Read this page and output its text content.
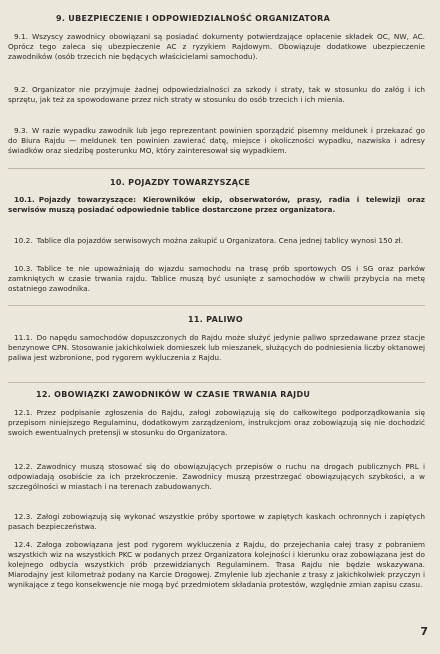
9. UBEZPIECZENIE I ODPOWIEDZIALNOŚĆ ORGANIZATORA
9.1. Wszyscy zawodnicy obowiązani są posiadać dokumenty potwierdzające opłacenie składek OC, NW, AC. Oprócz tego zaleca się ubezpieczenie AC z ryzykiem Rajdowym. Obowiązuje dodatkowe ubezpieczenie zawodników (osób trzecich nie będących właścicielami samochodu).
9.2. Organizator nie przyjmuje żadnej odpowiedzialności za szkody i straty, tak w stosunku do załóg i ich sprzętu, jak też za spowodowane przez nich straty w stosunku do osób trzecich i ich mienia.
9.3. W razie wypadku zawodnik lub jego reprezentant powinien sporządzić pisemny meldunek i przekazać go do Biura Rajdu — meldunek ten powinien zawierać datę, miejsce i okoliczności wypadku, nazwiska i adresy świadków oraz siedzibę posterunku MO, który zainteresował się wypadkiem.
10. POJAZDY TOWARZYSZĄCE
10.1. Pojazdy towarzyszące: Kierowników ekip, obserwatorów, prasy, radia i telewizji oraz serwisów muszą posiadać odpowiednie tablice dostarczone przez organizatora.
10.2. Tablice dla pojazdów serwisowych można zakupić u Organizatora. Cena jednej tablicy wynosi 150 zł.
10.3. Tablice te nie upoważniają do wjazdu samochodu na trasę prób sportowych OS i SG oraz parków zamkniętych w czasie trwania rajdu. Tablice muszą być usunięte z samochodów w chwili przybycia na metę ostatniego zawodnika.
11. PALIWO
11.1. Do napędu samochodów dopuszczonych do Rajdu może służyć jedynie paliwo sprzedawane przez stacje benzynowe CPN. Stosowanie jakichkolwiek domieszek lub mieszanek, służących do podniesienia liczby oktanowej paliwa jest wzbronione, pod rygorem wykluczenia z Rajdu.
12. OBOWIĄZKI ZAWODNIKÓW W CZASIE TRWANIA RAJDU
12.1. Przez podpisanie zgłoszenia do Rajdu, załogi zobowiązują się do całkowitego podporządkowania się przepisom niniejszego Regulaminu, dodatkowym zarządzeniom, instrukcjom oraz zobowiązują się nie dochodzić swoich ewentualnych pretensji w stosunku do Organizatora.
12.2. Zawodnicy muszą stosować się do obowiązujących przepisów o ruchu na drogach publicznych PRL i odpowiadają osobiście za ich przekroczenie. Zawodnicy muszą przestrzegać obowiązujących szybkości, a w szczególności w miastach i na terenach zabudowanych.
12.3. Załogi zobowiązują się wykonać wszystkie próby sportowe w zapiętych kaskach ochronnych i zapiętych pasach bezpieczeństwa.
12.4. Załoga zobowiązana jest pod rygorem wykluczenia z Rajdu, do przejechania całej trasy z pobraniem wszystkich wiz na wszystkich PKC w podanych przez Organizatora kolejności i kierunku oraz zobowiązana jest do kolejnego odbycia wszystkich prób przewidzianych Regulaminem. Trasa Rajdu nie będzie wskazywana. Miarodajny jest kilometraż podany na Karcie Drogowej. Zmylenie lub zjechanie z trasy z jakichkolwiek przyczyn i wynikające z tego konsekwencje nie mogą być przedmiotem składania protestów, względnie zmian zapisu czasu.
7
